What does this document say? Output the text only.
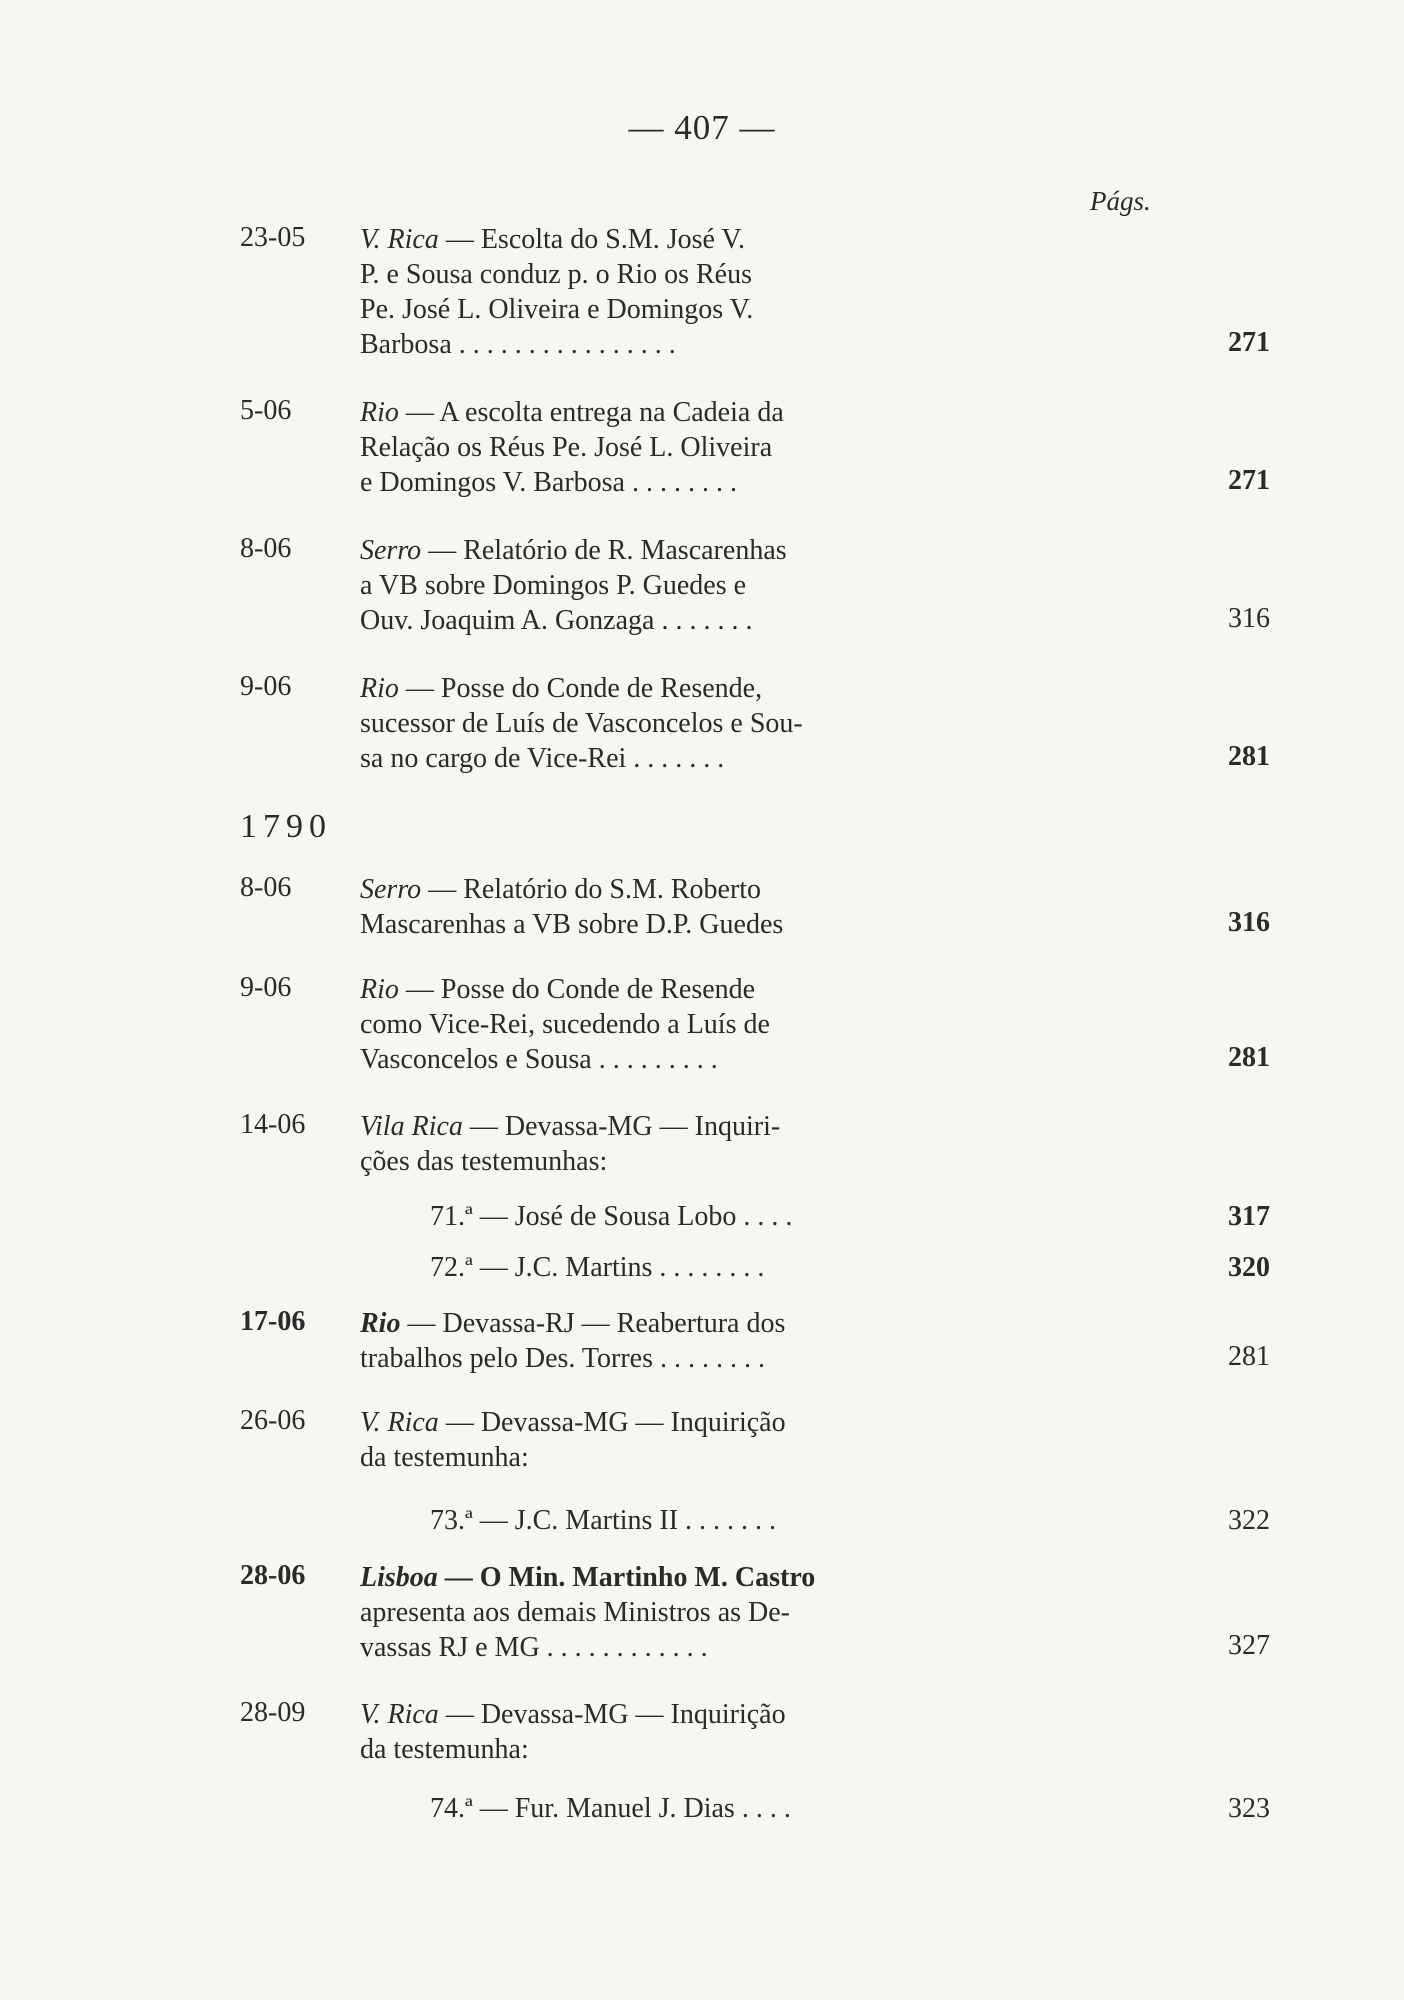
— 407 —
Págs.
23-05	V. Rica — Escolta do S.M. José V.
P. e Sousa conduz p. o Rio os Réus
Pe. José L. Oliveira e Domingos V.
Barbosa . . . . . . . . . . . . . . . .	271
5-06	Rio — A escolta entrega na Cadeia da
Relação os Réus Pe. José L. Oliveira
e Domingos V. Barbosa . . . . . . . .	271
8-06	Serro — Relatório de R. Mascarenhas
a VB sobre Domingos P. Guedes e
Ouv. Joaquim A. Gonzaga . . . . . . .	316
9-06	Rio — Posse do Conde de Resende,
sucessor de Luís de Vasconcelos e Sou-
sa no cargo de Vice-Rei . . . . . . .	281
1790
8-06	Serro — Relatório do S.M. Roberto
Mascarenhas a VB sobre D.P. Guedes	316
9-06	Rio — Posse do Conde de Resende
como Vice-Rei, sucedendo a Luís de
Vasconcelos e Sousa . . . . . . . . .	281
14-06	Vila Rica — Devassa-MG — Inquiri-
ções das testemunhas:
71.ª — José de Sousa Lobo . . . .	317
72.ª — J.C. Martins . . . . . . . .	320
17-06	Rio — Devassa-RJ — Reabertura dos
trabalhos pelo Des. Torres . . . . . . . .	281
26-06	V. Rica — Devassa-MG — Inquirição
da testemunha:
73.ª — J.C. Martins II . . . . . . .	322
28-06	Lisboa — O Min. Martinho M. Castro
apresenta aos demais Ministros as De-
vassas RJ e MG . . . . . . . . . . . .	327
28-09	V. Rica — Devassa-MG — Inquirição
da testemunha:
74.ª — Fur. Manuel J. Dias . . . .	323
